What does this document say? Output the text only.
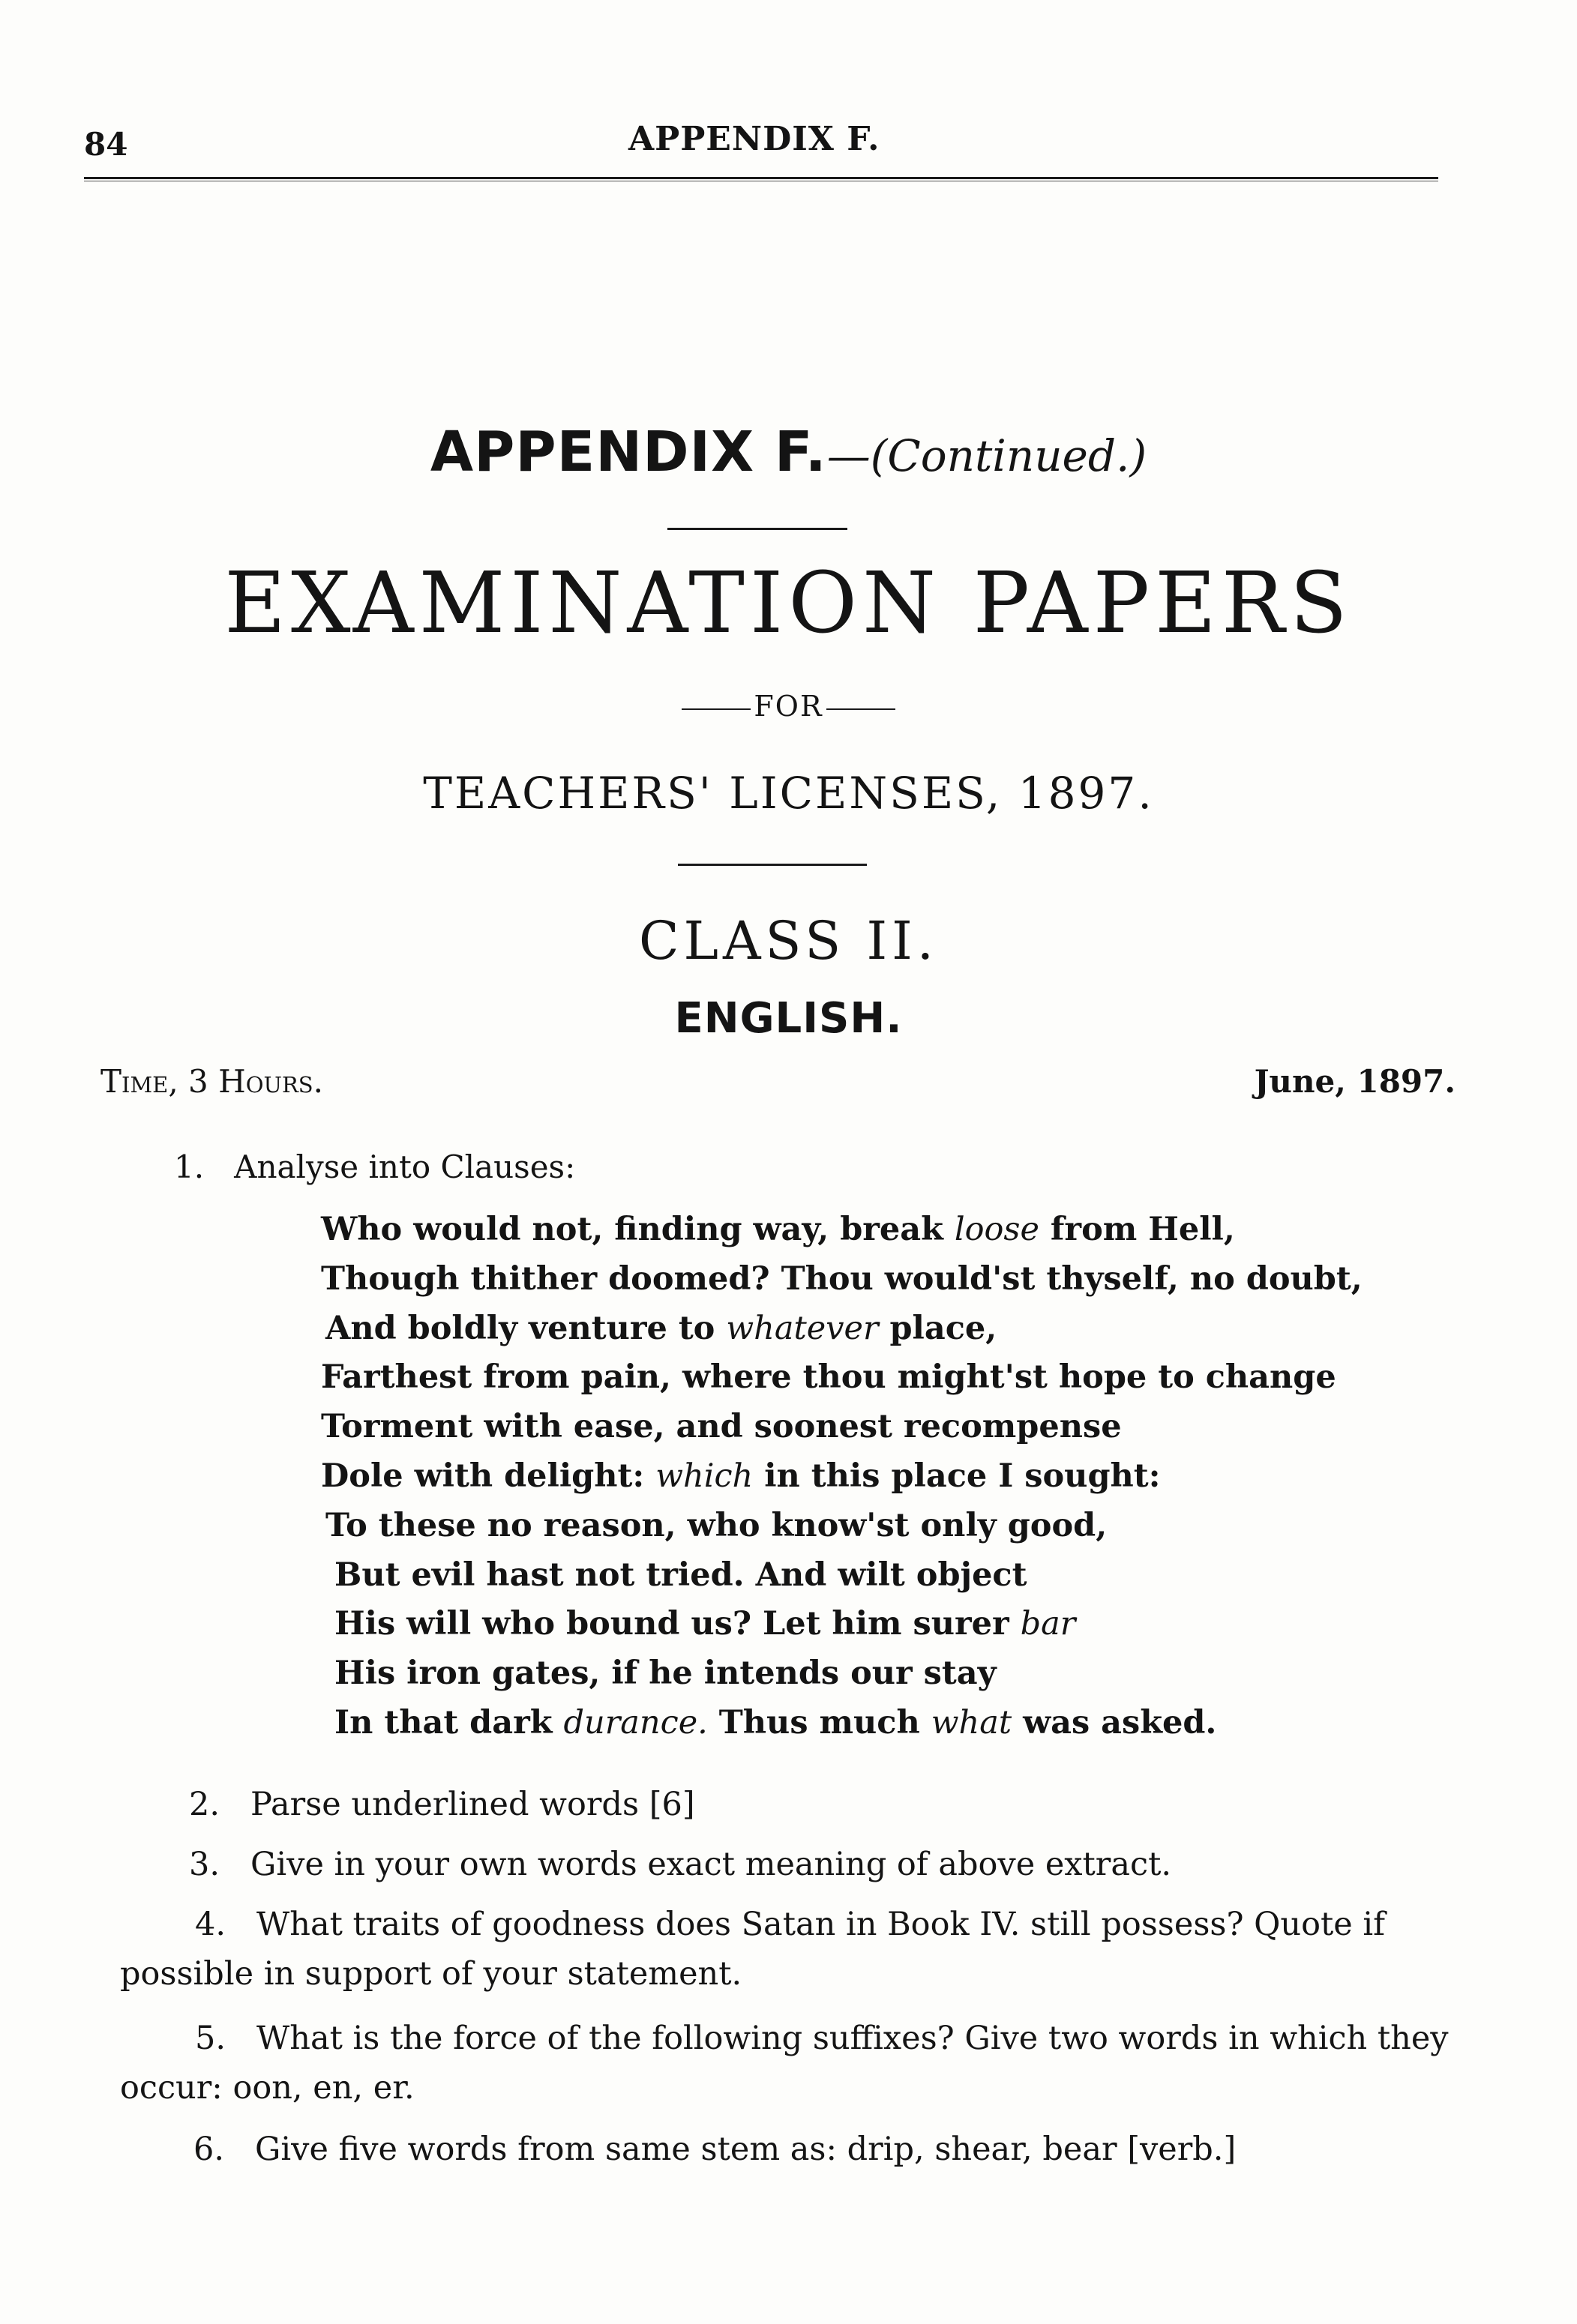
84	APPENDIX F.
APPENDIX F.—(Continued.)
EXAMINATION PAPERS
FOR
TEACHERS' LICENSES, 1897.
CLASS II.
ENGLISH.
Time, 3 Hours.	June, 1897.
1. Analyse into Clauses:
Who would not, finding way, break loose from Hell,
Though thither doomed? Thou would'st thyself, no doubt,
And boldly venture to whatever place,
Farthest from pain, where thou might'st hope to change
Torment with ease, and soonest recompense
Dole with delight: which in this place I sought:
To these no reason, who know'st only good,
But evil hast not tried. And wilt object
His will who bound us? Let him surer bar
His iron gates, if he intends our stay
In that dark durance. Thus much what was asked.
2. Parse underlined words [6]
3. Give in your own words exact meaning of above extract.
4. What traits of goodness does Satan in Book IV. still possess? Quote if possible in support of your statement.
5. What is the force of the following suffixes? Give two words in which they occur: oon, en, er.
6. Give five words from same stem as: drip, shear, bear [verb.]
